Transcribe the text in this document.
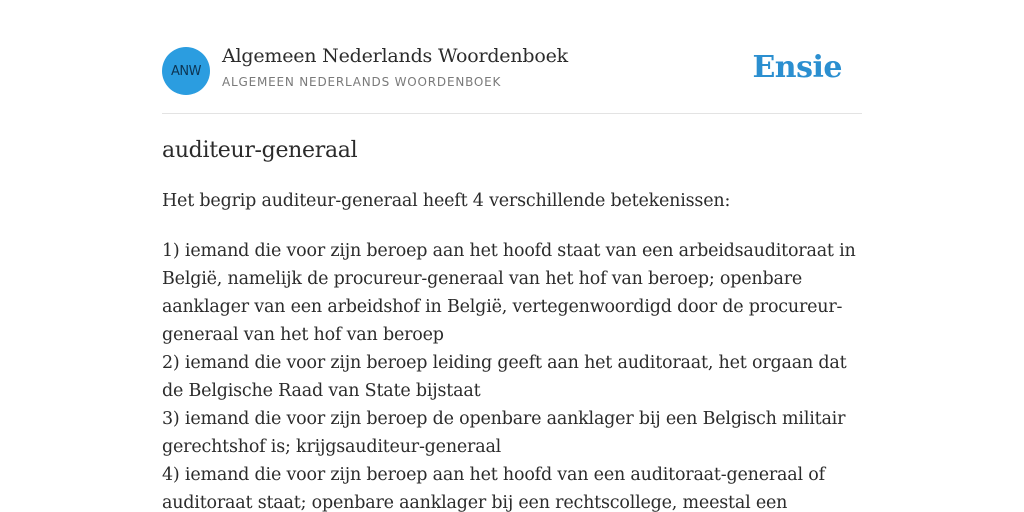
ANW
Algemeen Nederlands Woordenboek
ALGEMEEN NEDERLANDS WOORDENBOEK	Ensie
auditeur-generaal
Het begrip auditeur-generaal heeft 4 verschillende betekenissen:
1) iemand die voor zijn beroep aan het hoofd staat van een arbeidsauditoraat in België, namelijk de procureur-generaal van het hof van beroep; openbare aanklager van een arbeidshof in België, vertegenwoordigd door de procureur-generaal van het hof van beroep
2) iemand die voor zijn beroep leiding geeft aan het auditoraat, het orgaan dat de Belgische Raad van State bijstaat
3) iemand die voor zijn beroep de openbare aanklager bij een Belgisch militair gerechtshof is; krijgsauditeur-generaal
4) iemand die voor zijn beroep aan het hoofd van een auditoraat-generaal of auditoraat staat; openbare aanklager bij een rechtscollege, meestal een
